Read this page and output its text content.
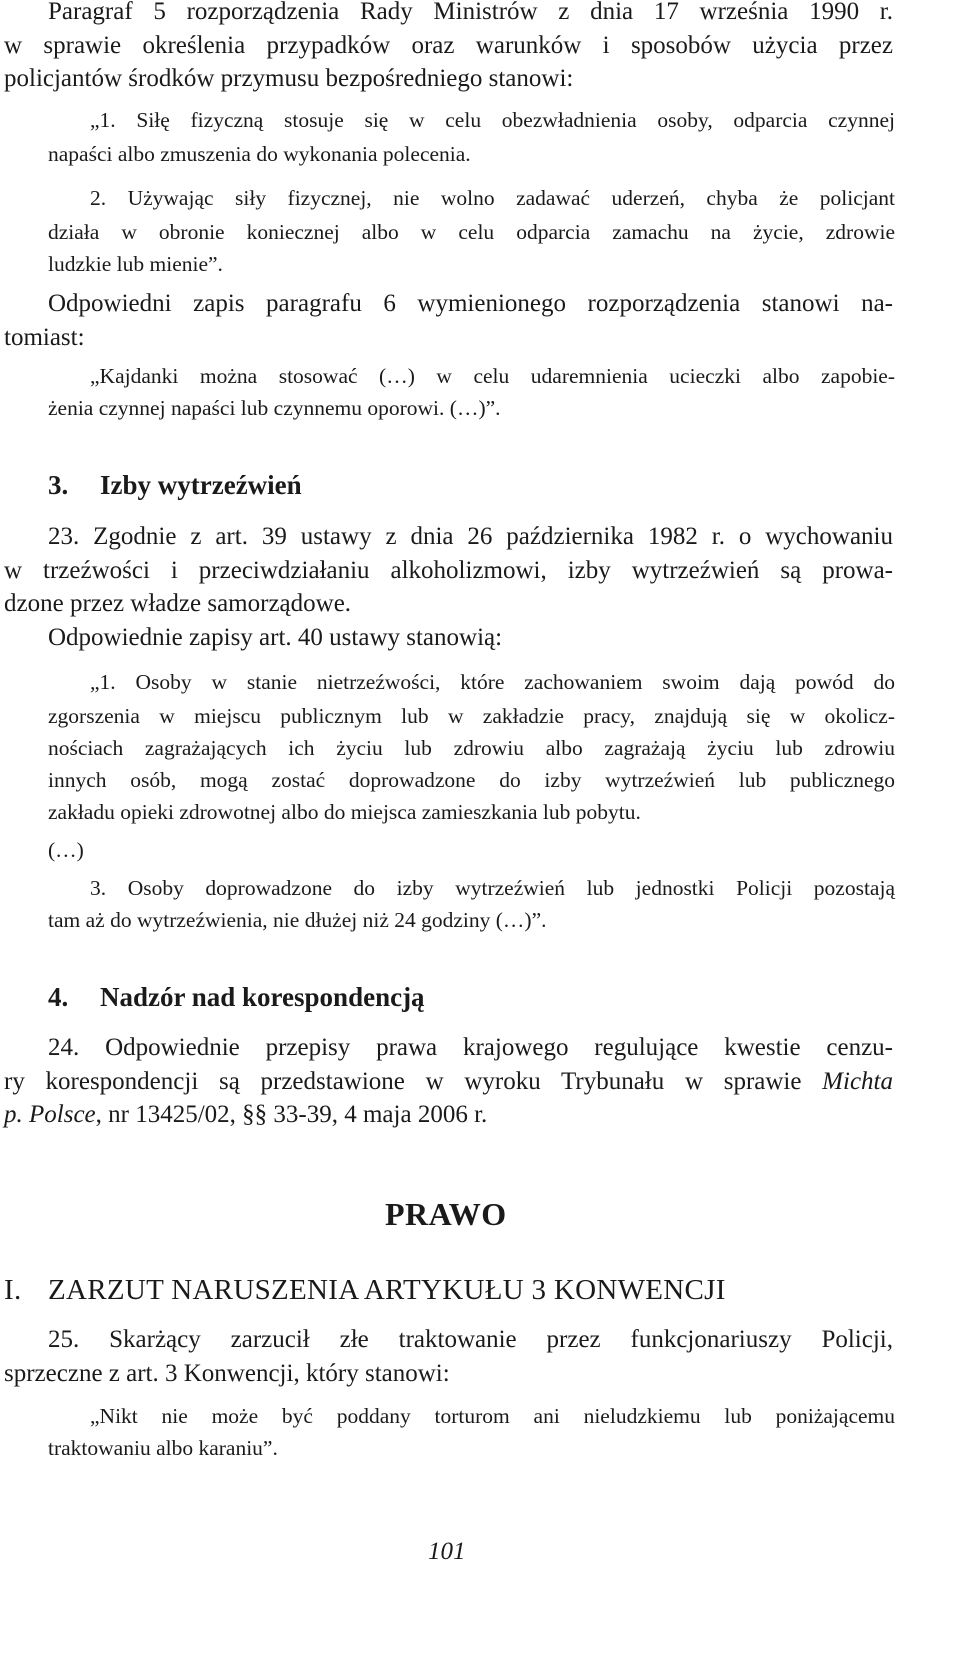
Paragraf 5 rozporządzenia Rady Ministrów z dnia 17 września 1990 r.

w sprawie określenia przypadków oraz warunków i sposobów użycia przez

policjantów środków przymusu bezpośredniego stanowi:

„1. Siłę fizyczną stosuje się w celu obezwładnienia osoby, odparcia czynnej

napaści albo zmuszenia do wykonania polecenia.

2. Używając siły fizycznej, nie wolno zadawać uderzeń, chyba że policjant

działa w obronie koniecznej albo w celu odparcia zamachu na życie, zdrowie

ludzkie lub mienie”.

Odpowiedni zapis paragrafu 6 wymienionego rozporządzenia stanowi na-

tomiast:

„Kajdanki można stosować (…) w celu udaremnienia ucieczki albo zapobie-

żenia czynnej napaści lub czynnemu oporowi. (…)”.

3. Izby wytrzeźwień

23. Zgodnie z art. 39 ustawy z dnia 26 października 1982 r. o wychowaniu

w trzeźwości i przeciwdziałaniu alkoholizmowi, izby wytrzeźwień są prowa-

dzone przez władze samorządowe.

Odpowiednie zapisy art. 40 ustawy stanowią:

„1. Osoby w stanie nietrzeźwości, które zachowaniem swoim dają powód do

zgorszenia w miejscu publicznym lub w zakładzie pracy, znajdują się w okolicz-

nościach zagrażających ich życiu lub zdrowiu albo zagrażają życiu lub zdrowiu

innych osób, mogą zostać doprowadzone do izby wytrzeźwień lub publicznego

zakładu opieki zdrowotnej albo do miejsca zamieszkania lub pobytu.

(…)

3. Osoby doprowadzone do izby wytrzeźwień lub jednostki Policji pozostają

tam aż do wytrzeźwienia, nie dłużej niż 24 godziny (…)”.

4. Nadzór nad korespondencją

24. Odpowiednie przepisy prawa krajowego regulujące kwestie cenzu-

ry korespondencji są przedstawione w wyroku Trybunału w sprawie Michta

p. Polsce, nr 13425/02, §§ 33-39, 4 maja 2006 r.

PRAWO

I. ZARZUT NARUSZENIA ARTYKUŁU 3 KONWENCJI

25. Skarżący zarzucił złe traktowanie przez funkcjonariuszy Policji,

sprzeczne z art. 3 Konwencji, który stanowi:

„Nikt nie może być poddany torturom ani nieludzkiemu lub poniżającemu

traktowaniu albo karaniu”.

101
